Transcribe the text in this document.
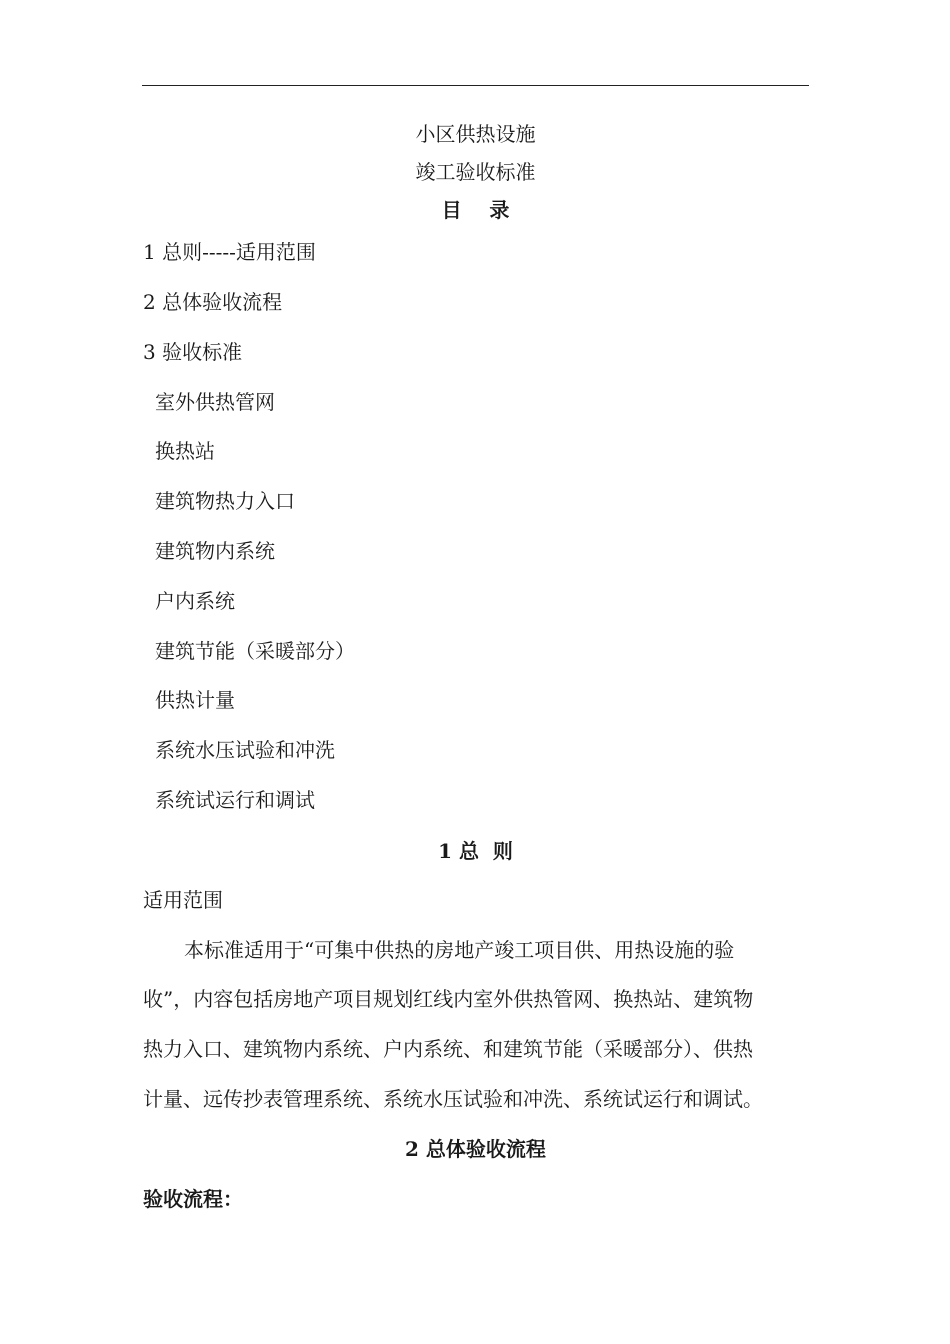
小区供热设施
竣工验收标准
目    录
1 总则-----适用范围
2 总体验收流程
3 验收标准
室外供热管网
换热站
建筑物热力入口
建筑物内系统
户内系统
建筑节能（采暖部分）
供热计量
系统水压试验和冲洗
系统试运行和调试
1 总  则
适用范围
本标准适用于“可集中供热的房地产竣工项目供、用热设施的验
收”，内容包括房地产项目规划红线内室外供热管网、换热站、建筑物
热力入口、建筑物内系统、户内系统、和建筑节能（采暖部分）、供热
计量、远传抄表管理系统、系统水压试验和冲洗、系统试运行和调试。
2 总体验收流程
验收流程：
